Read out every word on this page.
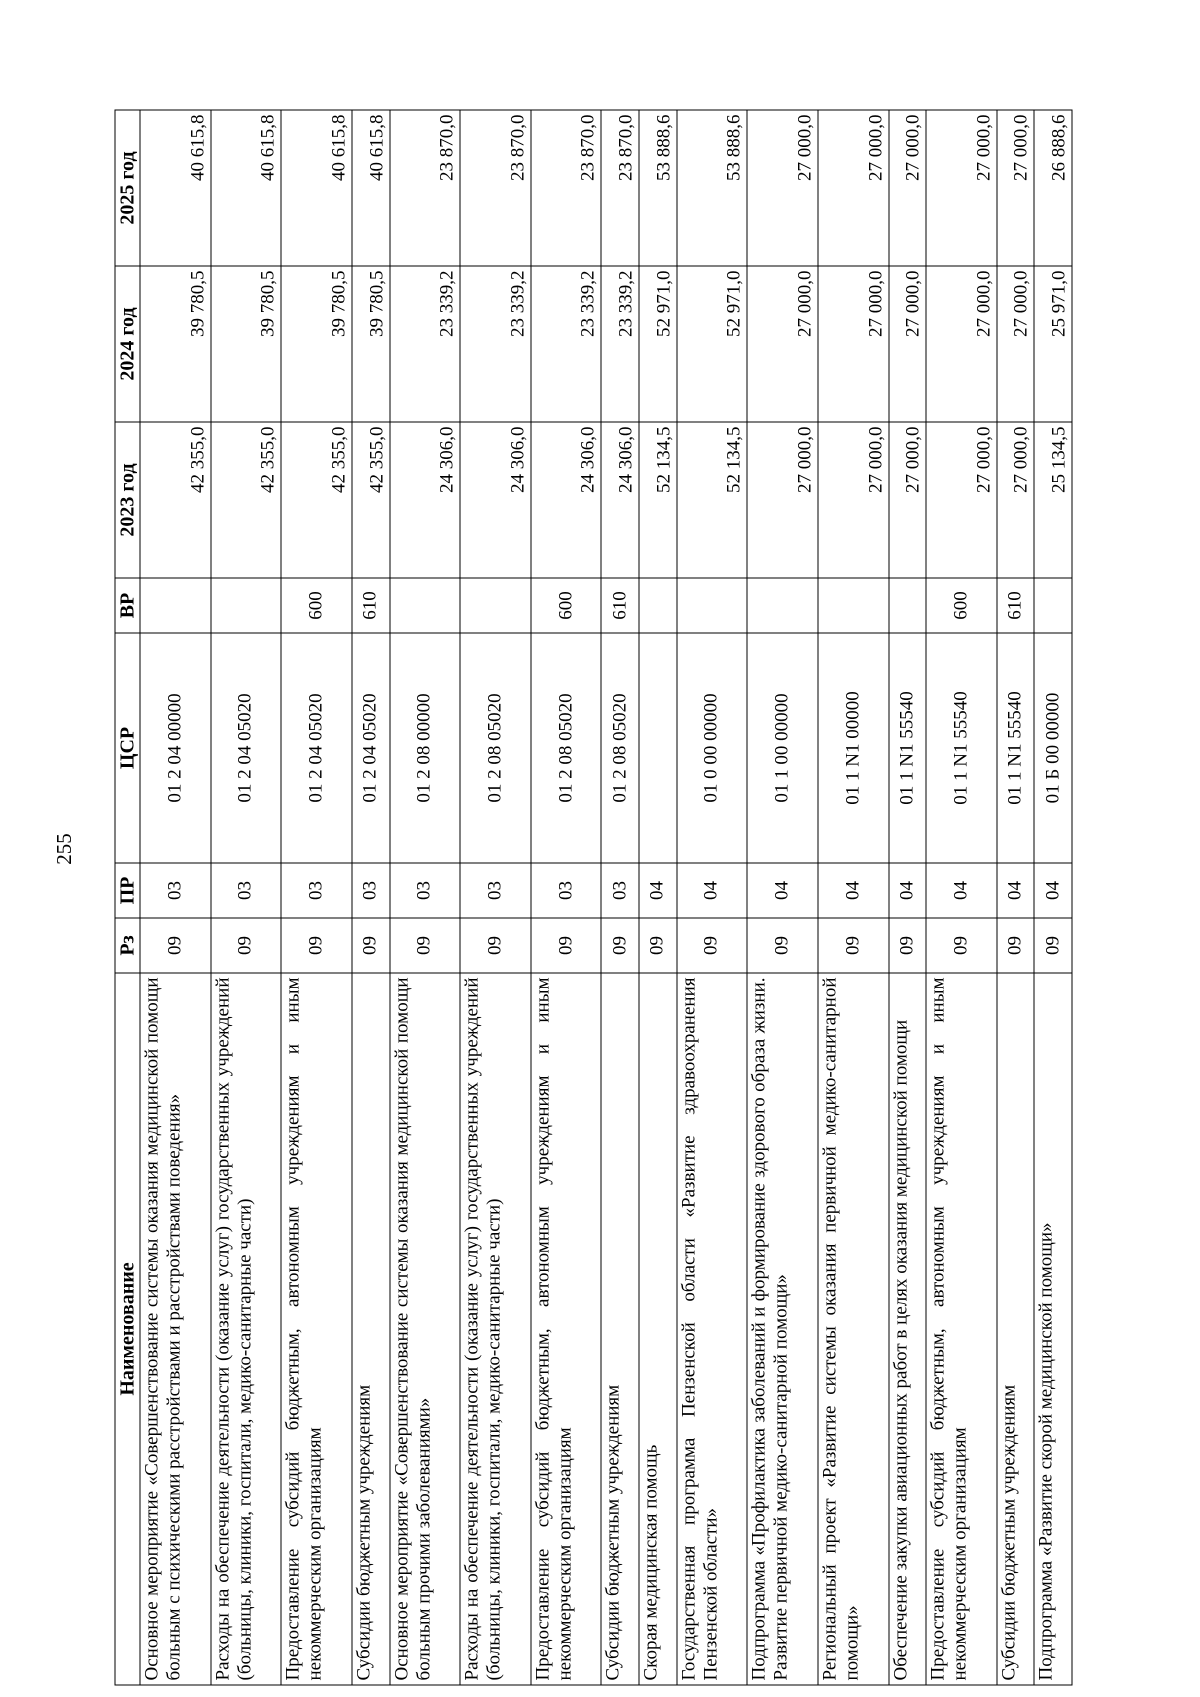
255
Наименование	Рз	ПР	ЦСР	ВР	2023 год	2024 год	2025 год
Основное мероприятие «Совершенствование системы оказания медицинской помощи больным с психическими расстройствами и расстройствами поведения»	09	03	01 2 04 00000		42 355,0	39 780,5	40 615,8
Расходы на обеспечение деятельности (оказание услуг) государственных учреждений (больницы, клиники, госпитали, медико-санитарные части)	09	03	01 2 04 05020		42 355,0	39 780,5	40 615,8
Предоставление субсидий бюджетным, автономным учреждениям и иным некоммерческим организациям	09	03	01 2 04 05020	600	42 355,0	39 780,5	40 615,8
Субсидии бюджетным учреждениям	09	03	01 2 04 05020	610	42 355,0	39 780,5	40 615,8
Основное мероприятие «Совершенствование системы оказания медицинской помощи больным прочими заболеваниями»	09	03	01 2 08 00000		24 306,0	23 339,2	23 870,0
Расходы на обеспечение деятельности (оказание услуг) государственных учреждений (больницы, клиники, госпитали, медико-санитарные части)	09	03	01 2 08 05020		24 306,0	23 339,2	23 870,0
Предоставление субсидий бюджетным, автономным учреждениям и иным некоммерческим организациям	09	03	01 2 08 05020	600	24 306,0	23 339,2	23 870,0
Субсидии бюджетным учреждениям	09	03	01 2 08 05020	610	24 306,0	23 339,2	23 870,0
Скорая медицинская помощь	09	04			52 134,5	52 971,0	53 888,6
Государственная программа Пензенской области «Развитие здравоохранения Пензенской области»	09	04	01 0 00 00000		52 134,5	52 971,0	53 888,6
Подпрограмма «Профилактика заболеваний и формирование здорового образа жизни. Развитие первичной медико-санитарной помощи»	09	04	01 1 00 00000		27 000,0	27 000,0	27 000,0
Региональный проект «Развитие системы оказания первичной медико-санитарной помощи»	09	04	01 1 N1 00000		27 000,0	27 000,0	27 000,0
Обеспечение закупки авиационных работ в целях оказания медицинской помощи	09	04	01 1 N1 55540		27 000,0	27 000,0	27 000,0
Предоставление субсидий бюджетным, автономным учреждениям и иным некоммерческим организациям	09	04	01 1 N1 55540	600	27 000,0	27 000,0	27 000,0
Субсидии бюджетным учреждениям	09	04	01 1 N1 55540	610	27 000,0	27 000,0	27 000,0
Подпрограмма «Развитие скорой медицинской помощи»	09	04	01 Б 00 00000		25 134,5	25 971,0	26 888,6
